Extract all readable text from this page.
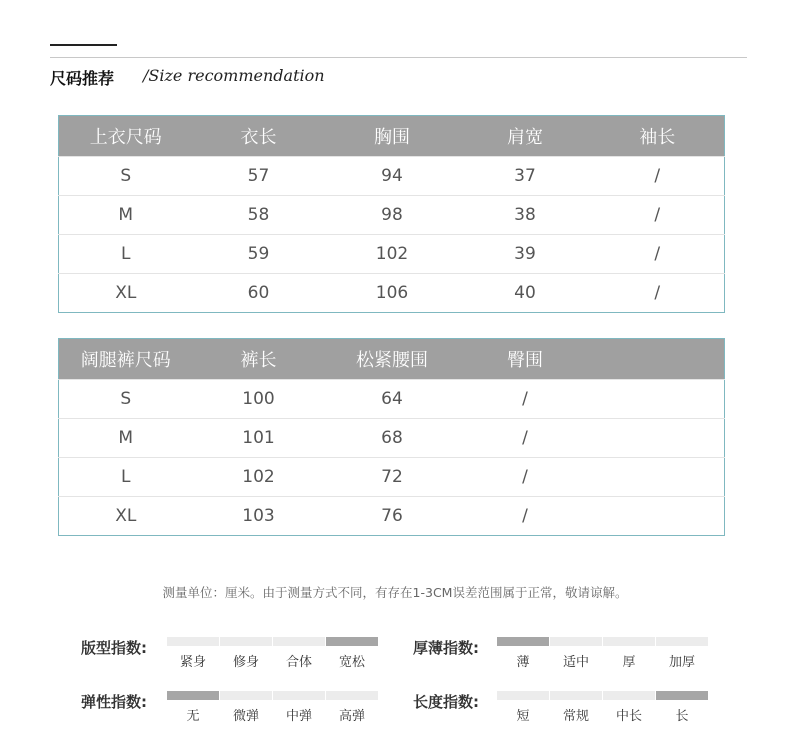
尺码推荐 /Size recommendation
上衣尺码	衣长	胸围	肩宽	袖长
S	57	94	37	/
M	58	98	38	/
L	59	102	39	/
XL	60	106	40	/
阔腿裤尺码	裤长	松紧腰围	臀围	
S	100	64	/	
M	101	68	/	
L	102	72	/	
XL	103	76	/	
测量单位：厘米。由于测量方式不同，有存在1-3CM误差范围属于正常，敬请谅解。
版型指数:
紧身	修身	合体	宽松
厚薄指数:
薄	适中	厚	加厚
弹性指数:
无	微弹	中弹	高弹
长度指数:
短	常规	中长	长
